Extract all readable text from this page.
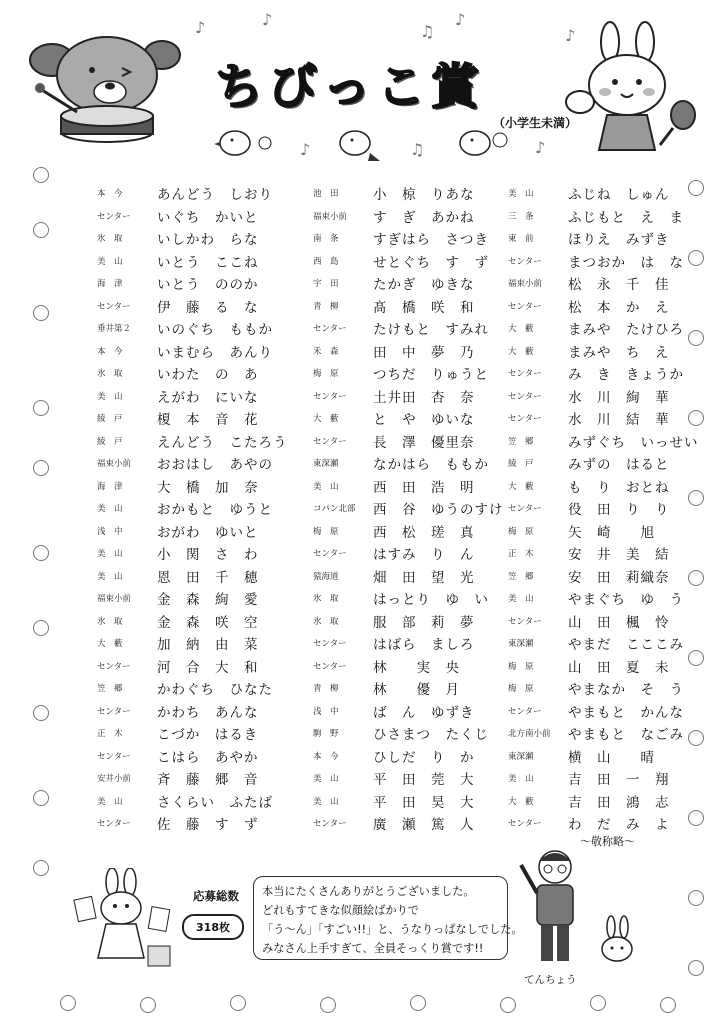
♪	♪
♫
♪
♪
♪	♫	♪
ちびっこ賞
（小学生未満）
本　今	あんどう　しおり
センター	いぐち　かいと
氷　取	いしかわ　らな
美　山	いとう　ここね
海　津	いとう　ののか
センター	伊　藤　る　な
垂井第２	いのぐち　ももか
本　今	いまむら　あんり
氷　取	いわた　の　あ
美　山	えがわ　にいな
綾　戸	榎　本　音　花
綾　戸	えんどう　こたろう
福束小前	おおはし　あやの
海　津	大　橋　加　奈
美　山	おかもと　ゆうと
浅　中	おがわ　ゆいと
美　山	小　関　さ　わ
美　山	恩　田　千　穂
福束小前	金　森　絢　愛
氷　取	金　森　咲　空
大　藪	加　納　由　菜
センター	河　合　大　和
笠　郷	かわぐち　ひなた
センター	かわち　あんな
正　木	こづか　はるき
センター	こはら　あやか
安井小前	斉　藤　郷　音
美　山	さくらい　ふたば
センター	佐　藤　す　ず
池　田	小　椋　りあな
福束小前	す　ぎ　あかね
南　条	すぎはら　さつき
西　島	せとぐち　す　ず
宇　田	たかぎ　ゆきな
青　柳	髙　橋　咲　和
センター	たけもと　すみれ
禾　森	田　中　夢　乃
梅　原	つちだ　りゅうと
センター	土井田　杏　奈
大　藪	と　や　ゆいな
センター	長　澤　優里奈
東深瀬	なかはら　ももか
美　山	西　田　浩　明
コパン北部	西　谷　ゆうのすけ
梅　原	西　松　瑳　真
センター	はすみ　り　ん
猿海道	畑　田　望　光
氷　取	はっとり　ゆ　い
氷　取	服　部　莉　夢
センター	はばら　ましろ
センター	林　　実　央
青　柳	林　　優　月
浅　中	ば　ん　ゆずき
駒　野	ひさまつ　たくじ
本　今	ひしだ　り　か
美　山	平　田　莞　大
美　山	平　田　昊　大
センター	廣　瀬　篤　人
美　山	ふじね　しゅん
三　条	ふじもと　え　ま
東　前	ほりえ　みずき
センター	まつおか　は　な
福束小前	松　永　千　佳
センター	松　本　か　え
大　藪	まみや　たけひろ
大　藪	まみや　ち　え
センター	み　き　きょうか
センター	水　川　絢　華
センター	水　川　結　華
笠　郷	みずぐち　いっせい
綾　戸	みずの　はると
大　藪	も　り　おとね
センター	役　田　り　り
梅　原	矢　崎　　旭
正　木	安　井　美　結
笠　郷	安　田　莉織奈
美　山	やまぐち　ゆ　う
センター	山　田　楓　怜
東深瀬	やまだ　こここみ
梅　原	山　田　夏　未
梅　原	やまなか　そ　う
センター	やまもと　かんな
北方南小前	やまもと　なごみ
東深瀬	横　山　　晴
美　山	吉　田　一　翔
大　藪	吉　田　鴻　志
センター	わ　だ　み　よ
～敬称略～
応募総数
318枚
本当にたくさんありがとうございました。
どれもすてきな似顔絵ばかりで
「う～ん」「すごい!!」と、うなりっぱなしでした。
みなさん上手すぎて、全員そっくり賞です!!
てんちょう
